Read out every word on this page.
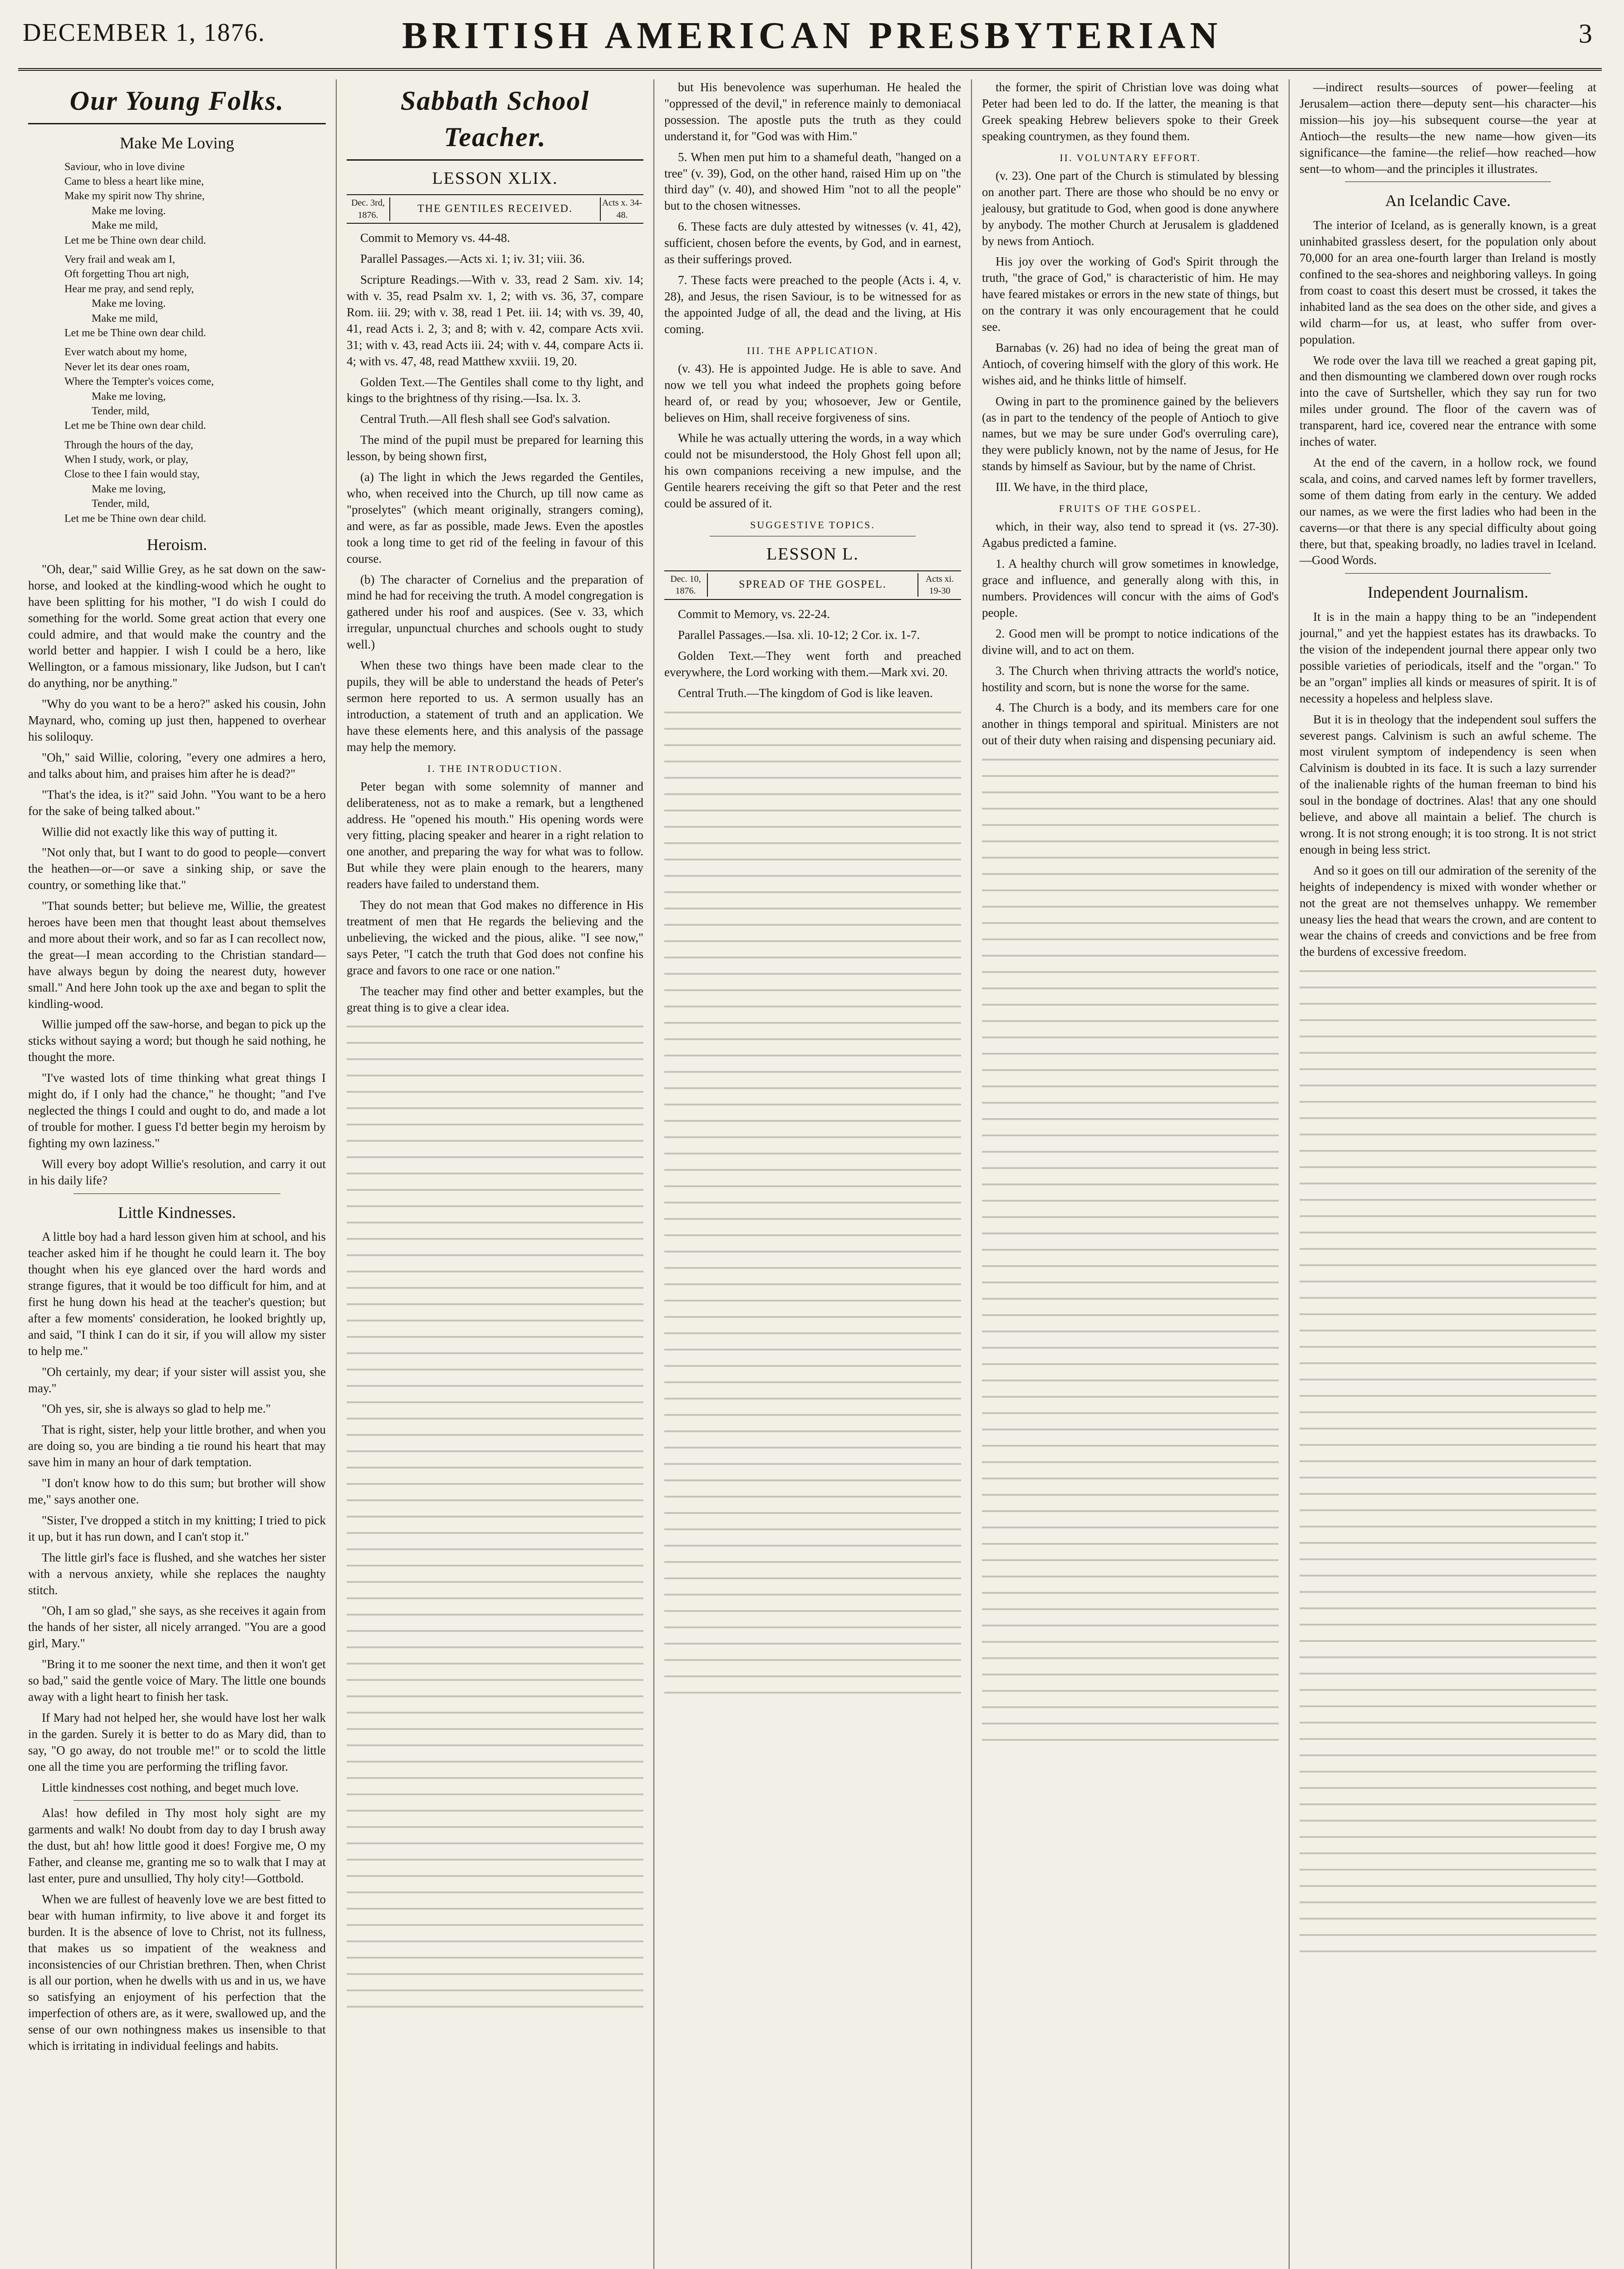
DECEMBER 1, 1876.	BRITISH AMERICAN PRESBYTERIAN	3
Our Young Folks.
Make Me Loving

Saviour, who in love divine

Came to bless a heart like mine,

Make my spirit now Thy shrine,

Make me loving.

Make me mild,

Let me be Thine own dear child.

Very frail and weak am I,

Oft forgetting Thou art nigh,

Hear me pray, and send reply,

Make me loving.

Make me mild,

Let me be Thine own dear child.

Ever watch about my home,

Never let its dear ones roam,

Where the Tempter's voices come,

Make me loving,

Tender, mild,

Let me be Thine own dear child.

Through the hours of the day,

When I study, work, or play,

Close to thee I fain would stay,

Make me loving,

Tender, mild,

Let me be Thine own dear child.

Heroism.

"Oh, dear," said Willie Grey, as he sat down on the saw-horse, and looked at the kindling-wood which he ought to have been splitting for his mother, "I do wish I could do something for the world. Some great action that every one could admire, and that would make the country and the world better and happier. I wish I could be a hero, like Wellington, or a famous missionary, like Judson, but I can't do anything, nor be anything."

"Why do you want to be a hero?" asked his cousin, John Maynard, who, coming up just then, happened to overhear his soliloquy.

"Oh," said Willie, coloring, "every one admires a hero, and talks about him, and praises him after he is dead?"

"That's the idea, is it?" said John. "You want to be a hero for the sake of being talked about."

Willie did not exactly like this way of putting it.

"Not only that, but I want to do good to people—convert the heathen—or—or save a sinking ship, or save the country, or something like that."

"That sounds better; but believe me, Willie, the greatest heroes have been men that thought least about themselves and more about their work, and so far as I can recollect now, the great—I mean according to the Christian standard—have always begun by doing the nearest duty, however small." And here John took up the axe and began to split the kindling-wood.

Willie jumped off the saw-horse, and began to pick up the sticks without saying a word; but though he said nothing, he thought the more.

"I've wasted lots of time thinking what great things I might do, if I only had the chance," he thought; "and I've neglected the things I could and ought to do, and made a lot of trouble for mother. I guess I'd better begin my heroism by fighting my own laziness."

Will every boy adopt Willie's resolution, and carry it out in his daily life?

Little Kindnesses.

A little boy had a hard lesson given him at school, and his teacher asked him if he thought he could learn it. The boy thought when his eye glanced over the hard words and strange figures, that it would be too difficult for him, and at first he hung down his head at the teacher's question; but after a few moments' consideration, he looked brightly up, and said, "I think I can do it sir, if you will allow my sister to help me."

"Oh certainly, my dear; if your sister will assist you, she may."

"Oh yes, sir, she is always so glad to help me."

That is right, sister, help your little brother, and when you are doing so, you are binding a tie round his heart that may save him in many an hour of dark temptation.

"I don't know how to do this sum; but brother will show me," says another one.

"Sister, I've dropped a stitch in my knitting; I tried to pick it up, but it has run down, and I can't stop it."

The little girl's face is flushed, and she watches her sister with a nervous anxiety, while she replaces the naughty stitch.

"Oh, I am so glad," she says, as she receives it again from the hands of her sister, all nicely arranged. "You are a good girl, Mary."

"Bring it to me sooner the next time, and then it won't get so bad," said the gentle voice of Mary. The little one bounds away with a light heart to finish her task.

If Mary had not helped her, she would have lost her walk in the garden. Surely it is better to do as Mary did, than to say, "O go away, do not trouble me!" or to scold the little one all the time you are performing the trifling favor.

Little kindnesses cost nothing, and beget much love.

Alas! how defiled in Thy most holy sight are my garments and walk! No doubt from day to day I brush away the dust, but ah! how little good it does! Forgive me, O my Father, and cleanse me, granting me so to walk that I may at last enter, pure and unsullied, Thy holy city!—Gottbold.

When we are fullest of heavenly love we are best fitted to bear with human infirmity, to live above it and forget its burden. It is the absence of love to Christ, not its fullness, that makes us so impatient of the weakness and inconsistencies of our Christian brethren. Then, when Christ is all our portion, when he dwells with us and in us, we have so satisfying an enjoyment of his perfection that the imperfection of others are, as it were, swallowed up, and the sense of our own nothingness makes us insensible to that which is irritating in individual feelings and habits.

Sabbath School Teacher.
LESSON XLIX.
Dec. 3rd, 1876.
THE GENTILES RECEIVED.	Acts x. 34-48.

Commit to Memory vs. 44-48.

Parallel Passages.—Acts xi. 1; iv. 31; viii. 36.

Scripture Readings.—With v. 33, read 2 Sam. xiv. 14; with v. 35, read Psalm xv. 1, 2; with vs. 36, 37, compare Rom. iii. 29; with v. 38, read 1 Pet. iii. 14; with vs. 39, 40, 41, read Acts i. 2, 3; and 8; with v. 42, compare Acts xvii. 31; with v. 43, read Acts iii. 24; with v. 44, compare Acts ii. 4; with vs. 47, 48, read Matthew xxviii. 19, 20.

Golden Text.—The Gentiles shall come to thy light, and kings to the brightness of thy rising.—Isa. lx. 3.

Central Truth.—All flesh shall see God's salvation.

The mind of the pupil must be prepared for learning this lesson, by being shown first,

(a) The light in which the Jews regarded the Gentiles, who, when received into the Church, up till now came as "proselytes" (which meant originally, strangers coming), and were, as far as possible, made Jews. Even the apostles took a long time to get rid of the feeling in favour of this course.

(b) The character of Cornelius and the preparation of mind he had for receiving the truth. A model congregation is gathered under his roof and auspices. (See v. 33, which irregular, unpunctual churches and schools ought to study well.)

When these two things have been made clear to the pupils, they will be able to understand the heads of Peter's sermon here reported to us. A sermon usually has an introduction, a statement of truth and an application. We have these elements here, and this analysis of the passage may help the memory.

I. THE INTRODUCTION.

Peter began with some solemnity of manner and deliberateness, not as to make a remark, but a lengthened address. He "opened his mouth." His opening words were very fitting, placing speaker and hearer in a right relation to one another, and preparing the way for what was to follow. But while they were plain enough to the hearers, many readers have failed to understand them.

They do not mean that God makes no difference in His treatment of men that He regards the believing and the unbelieving, the wicked and the pious, alike. "I see now," says Peter, "I catch the truth that God does not confine his grace and favors to one race or one nation."

The teacher may find other and better examples, but the great thing is to give a clear idea.

but His benevolence was superhuman. He healed the "oppressed of the devil," in reference mainly to demoniacal possession. The apostle puts the truth as they could understand it, for "God was with Him."

5. When men put him to a shameful death, "hanged on a tree" (v. 39), God, on the other hand, raised Him up on "the third day" (v. 40), and showed Him "not to all the people" but to the chosen witnesses.

6. These facts are duly attested by witnesses (v. 41, 42), sufficient, chosen before the events, by God, and in earnest, as their sufferings proved.

7. These facts were preached to the people (Acts i. 4, v. 28), and Jesus, the risen Saviour, is to be witnessed for as the appointed Judge of all, the dead and the living, at His coming.

III. THE APPLICATION.

(v. 43). He is appointed Judge. He is able to save. And now we tell you what indeed the prophets going before heard of, or read by you; whosoever, Jew or Gentile, believes on Him, shall receive forgiveness of sins.

While he was actually uttering the words, in a way which could not be misunderstood, the Holy Ghost fell upon all; his own companions receiving a new impulse, and the Gentile hearers receiving the gift so that Peter and the rest could be assured of it.

SUGGESTIVE TOPICS.
LESSON L.
Dec. 10, 1876.
SPREAD OF THE GOSPEL.	Acts xi. 19-30

Commit to Memory, vs. 22-24.

Parallel Passages.—Isa. xli. 10-12; 2 Cor. ix. 1-7.

Golden Text.—They went forth and preached everywhere, the Lord working with them.—Mark xvi. 20.

Central Truth.—The kingdom of God is like leaven.

the former, the spirit of Christian love was doing what Peter had been led to do. If the latter, the meaning is that Greek speaking Hebrew believers spoke to their Greek speaking countrymen, as they found them.

II. VOLUNTARY EFFORT.

(v. 23). One part of the Church is stimulated by blessing on another part. There are those who should be no envy or jealousy, but gratitude to God, when good is done anywhere by anybody. The mother Church at Jerusalem is gladdened by news from Antioch.

His joy over the working of God's Spirit through the truth, "the grace of God," is characteristic of him. He may have feared mistakes or errors in the new state of things, but on the contrary it was only encouragement that he could see.

Barnabas (v. 26) had no idea of being the great man of Antioch, of covering himself with the glory of this work. He wishes aid, and he thinks little of himself.

Owing in part to the prominence gained by the believers (as in part to the tendency of the people of Antioch to give names, but we may be sure under God's overruling care), they were publicly known, not by the name of Jesus, for He stands by himself as Saviour, but by the name of Christ.

III. We have, in the third place,

FRUITS OF THE GOSPEL.

which, in their way, also tend to spread it (vs. 27-30). Agabus predicted a famine.

1. A healthy church will grow sometimes in knowledge, grace and influence, and generally along with this, in numbers. Providences will concur with the aims of God's people.

2. Good men will be prompt to notice indications of the divine will, and to act on them.

3. The Church when thriving attracts the world's notice, hostility and scorn, but is none the worse for the same.

4. The Church is a body, and its members care for one another in things temporal and spiritual. Ministers are not out of their duty when raising and dispensing pecuniary aid.

—indirect results—sources of power—feeling at Jerusalem—action there—deputy sent—his character—his mission—his joy—his subsequent course—the year at Antioch—the results—the new name—how given—its significance—the famine—the relief—how reached—how sent—to whom—and the principles it illustrates.

An Icelandic Cave.

The interior of Iceland, as is generally known, is a great uninhabited grassless desert, for the population only about 70,000 for an area one-fourth larger than Ireland is mostly confined to the sea-shores and neighboring valleys. In going from coast to coast this desert must be crossed, it takes the inhabited land as the sea does on the other side, and gives a wild charm—for us, at least, who suffer from over-population.

We rode over the lava till we reached a great gaping pit, and then dismounting we clambered down over rough rocks into the cave of Surtsheller, which they say run for two miles under ground. The floor of the cavern was of transparent, hard ice, covered near the entrance with some inches of water.

At the end of the cavern, in a hollow rock, we found scala, and coins, and carved names left by former travellers, some of them dating from early in the century. We added our names, as we were the first ladies who had been in the caverns—or that there is any special difficulty about going there, but that, speaking broadly, no ladies travel in Iceland.—Good Words.

Independent Journalism.

It is in the main a happy thing to be an "independent journal," and yet the happiest estates has its drawbacks. To the vision of the independent journal there appear only two possible varieties of periodicals, itself and the "organ." To be an "organ" implies all kinds or measures of spirit. It is of necessity a hopeless and helpless slave.

But it is in theology that the independent soul suffers the severest pangs. Calvinism is such an awful scheme. The most virulent symptom of independency is seen when Calvinism is doubted in its face. It is such a lazy surrender of the inalienable rights of the human freeman to bind his soul in the bondage of doctrines. Alas! that any one should believe, and above all maintain a belief. The church is wrong. It is not strong enough; it is too strong. It is not strict enough in being less strict.

And so it goes on till our admiration of the serenity of the heights of independency is mixed with wonder whether or not the great are not themselves unhappy. We remember uneasy lies the head that wears the crown, and are content to wear the chains of creeds and convictions and be free from the burdens of excessive freedom.
